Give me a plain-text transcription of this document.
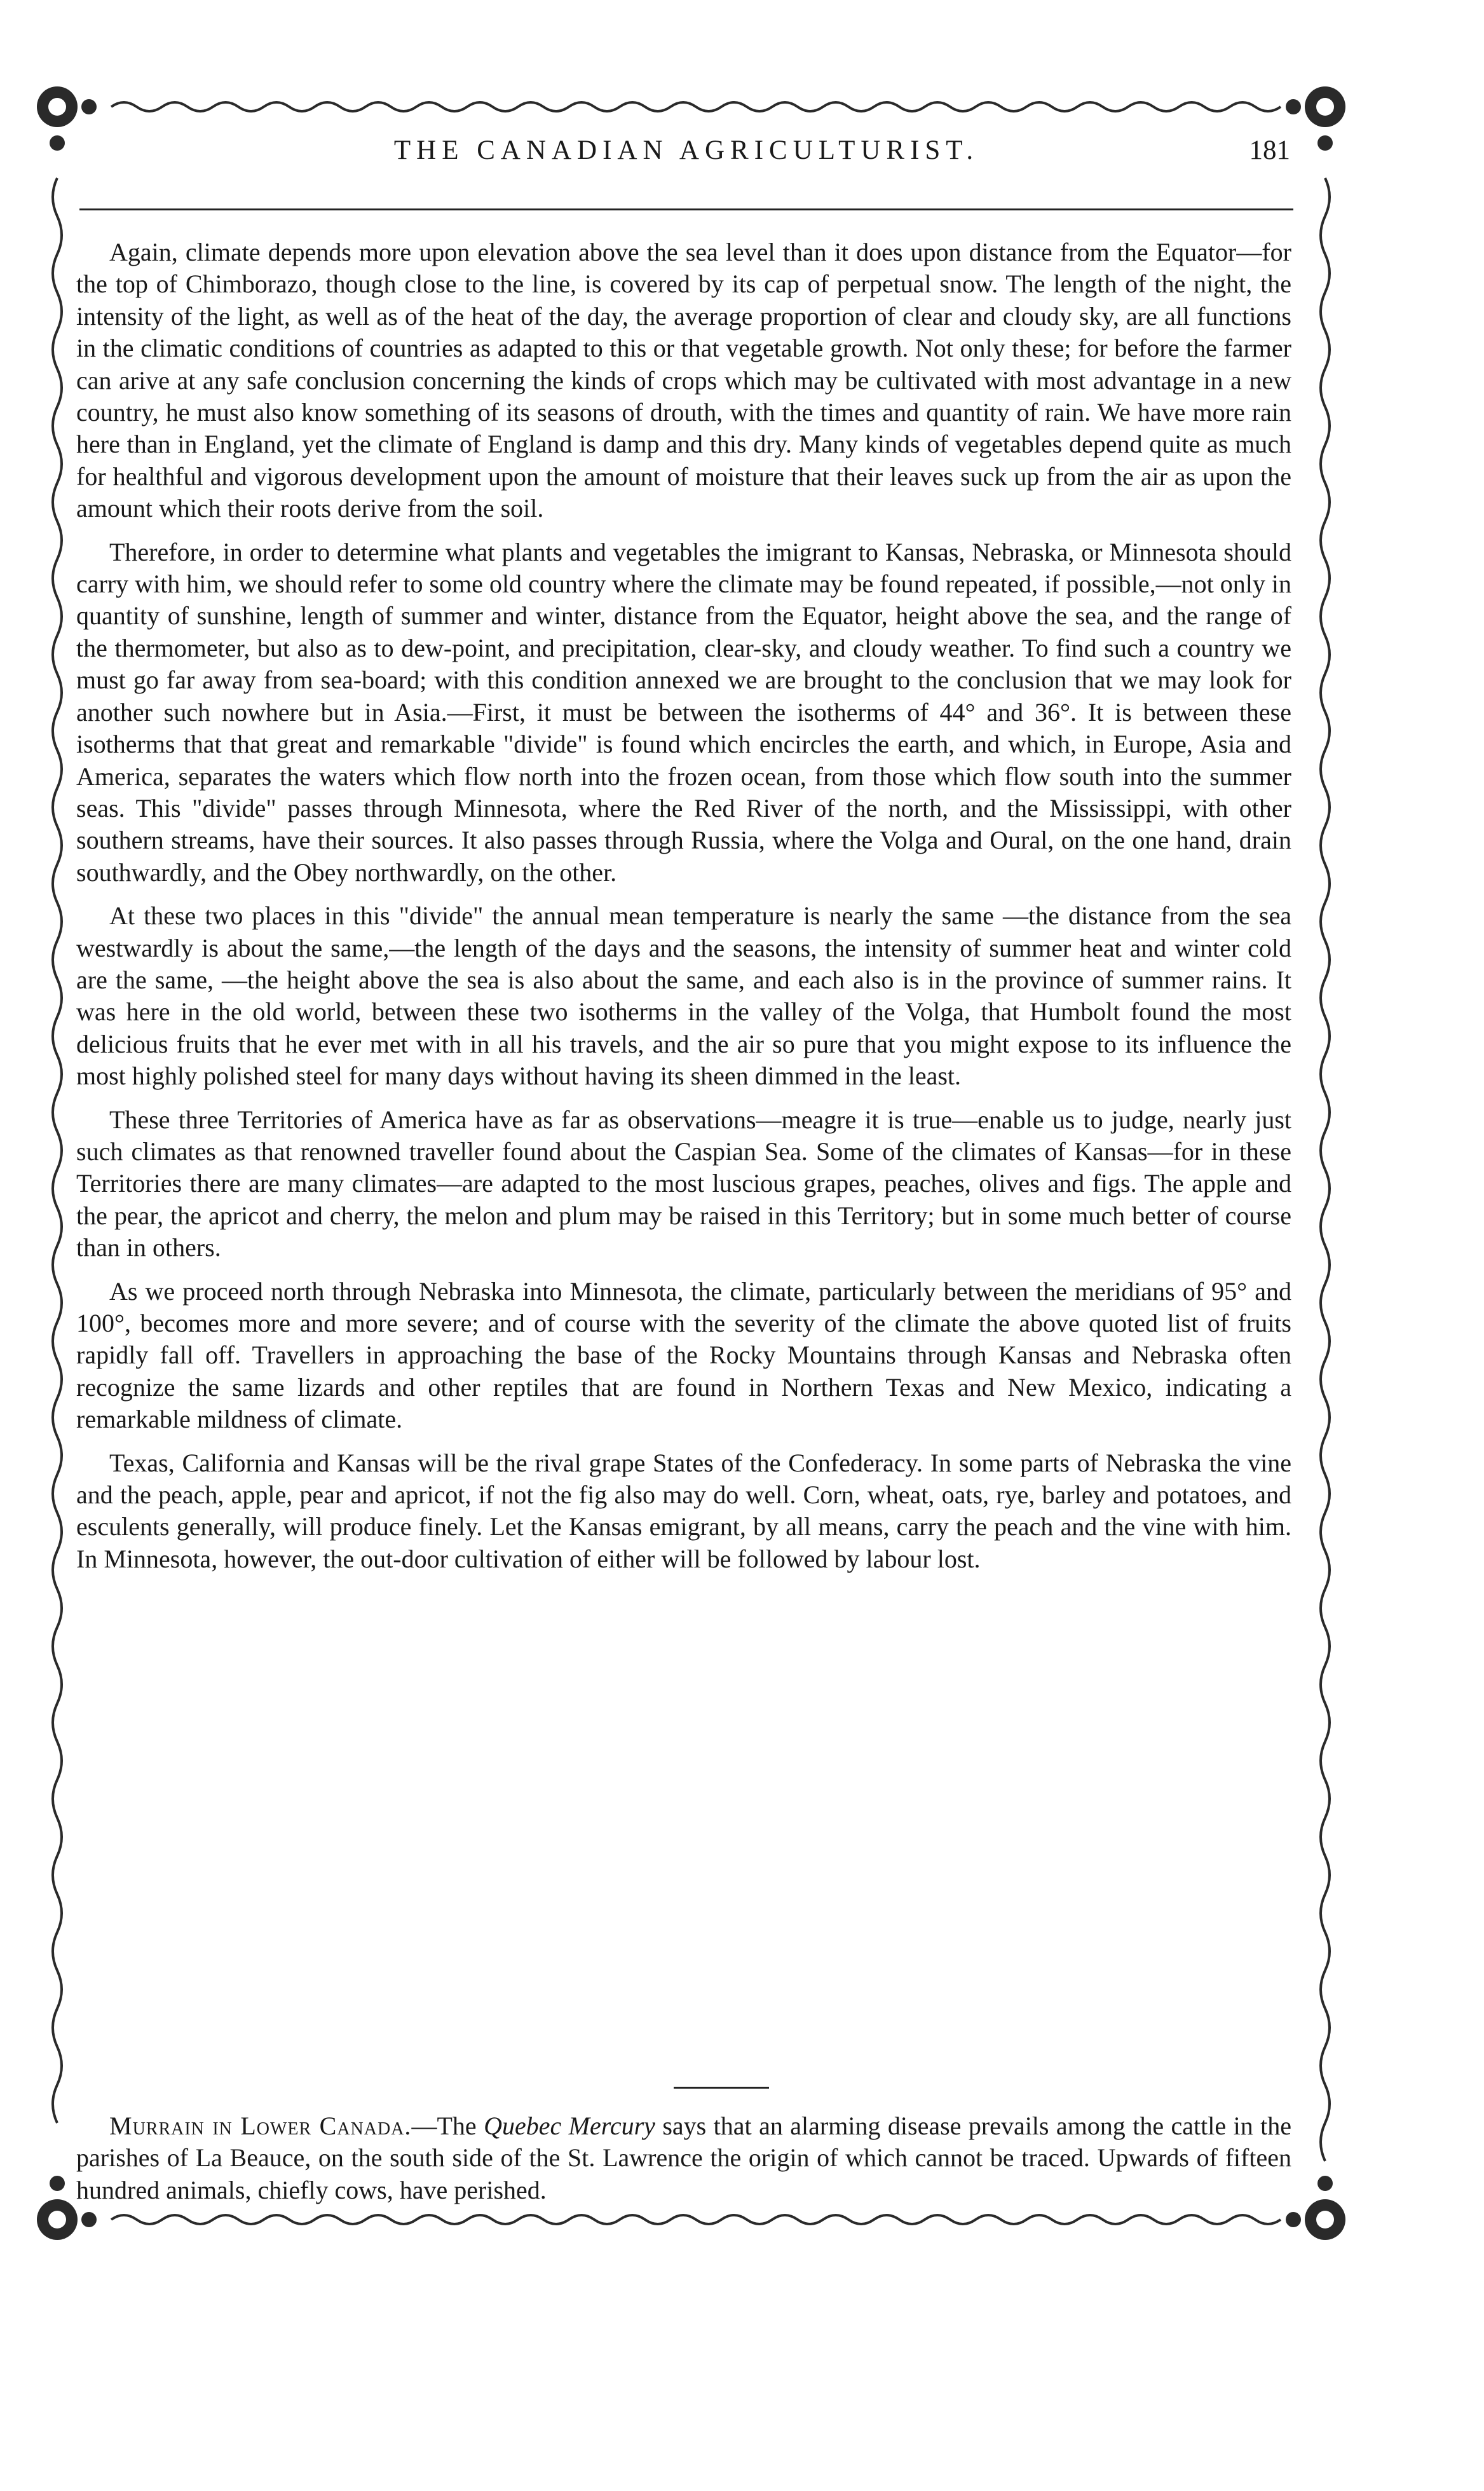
THE CANADIAN AGRICULTURIST.	181

Again, climate depends more upon elevation above the sea level than it does upon distance from the Equator—for the top of Chimborazo, though close to the line, is covered by its cap of perpetual snow. The length of the night, the intensity of the light, as well as of the heat of the day, the average proportion of clear and cloudy sky, are all functions in the climatic conditions of countries as adapted to this or that vegetable growth. Not only these; for before the farmer can arive at any safe conclusion concerning the kinds of crops which may be cultivated with most advantage in a new country, he must also know something of its seasons of drouth, with the times and quantity of rain. We have more rain here than in England, yet the climate of England is damp and this dry. Many kinds of vegetables depend quite as much for healthful and vigorous development upon the amount of moisture that their leaves suck up from the air as upon the amount which their roots derive from the soil.

Therefore, in order to determine what plants and vegetables the imigrant to Kansas, Nebraska, or Minnesota should carry with him, we should refer to some old country where the climate may be found repeated, if possible,—not only in quantity of sunshine, length of summer and winter, distance from the Equator, height above the sea, and the range of the thermometer, but also as to dew-point, and precipitation, clear-sky, and cloudy weather. To find such a country we must go far away from sea-board; with this condition annexed we are brought to the conclusion that we may look for another such nowhere but in Asia.—First, it must be between the isotherms of 44° and 36°. It is between these isotherms that that great and remarkable "divide" is found which encircles the earth, and which, in Europe, Asia and America, separates the waters which flow north into the frozen ocean, from those which flow south into the summer seas. This "divide" passes through Minnesota, where the Red River of the north, and the Mississippi, with other southern streams, have their sources. It also passes through Russia, where the Volga and Oural, on the one hand, drain southwardly, and the Obey northwardly, on the other.

At these two places in this "divide" the annual mean temperature is nearly the same —the distance from the sea westwardly is about the same,—the length of the days and the seasons, the intensity of summer heat and winter cold are the same, —the height above the sea is also about the same, and each also is in the province of summer rains. It was here in the old world, between these two isotherms in the valley of the Volga, that Humbolt found the most delicious fruits that he ever met with in all his travels, and the air so pure that you might expose to its influence the most highly polished steel for many days without having its sheen dimmed in the least.

These three Territories of America have as far as observations—meagre it is true—enable us to judge, nearly just such climates as that renowned traveller found about the Caspian Sea. Some of the climates of Kansas—for in these Territories there are many climates—are adapted to the most luscious grapes, peaches, olives and figs. The apple and the pear, the apricot and cherry, the melon and plum may be raised in this Territory; but in some much better of course than in others.

As we proceed north through Nebraska into Minnesota, the climate, particularly between the meridians of 95° and 100°, becomes more and more severe; and of course with the severity of the climate the above quoted list of fruits rapidly fall off. Travellers in approaching the base of the Rocky Mountains through Kansas and Nebraska often recognize the same lizards and other reptiles that are found in Northern Texas and New Mexico, indicating a remarkable mildness of climate.

Texas, California and Kansas will be the rival grape States of the Confederacy. In some parts of Nebraska the vine and the peach, apple, pear and apricot, if not the fig also may do well. Corn, wheat, oats, rye, barley and potatoes, and esculents generally, will produce finely. Let the Kansas emigrant, by all means, carry the peach and the vine with him. In Minnesota, however, the out-door cultivation of either will be followed by labour lost.

Murrain in Lower Canada.—The Quebec Mercury says that an alarming disease prevails among the cattle in the parishes of La Beauce, on the south side of the St. Lawrence the origin of which cannot be traced. Upwards of fifteen hundred animals, chiefly cows, have perished.
